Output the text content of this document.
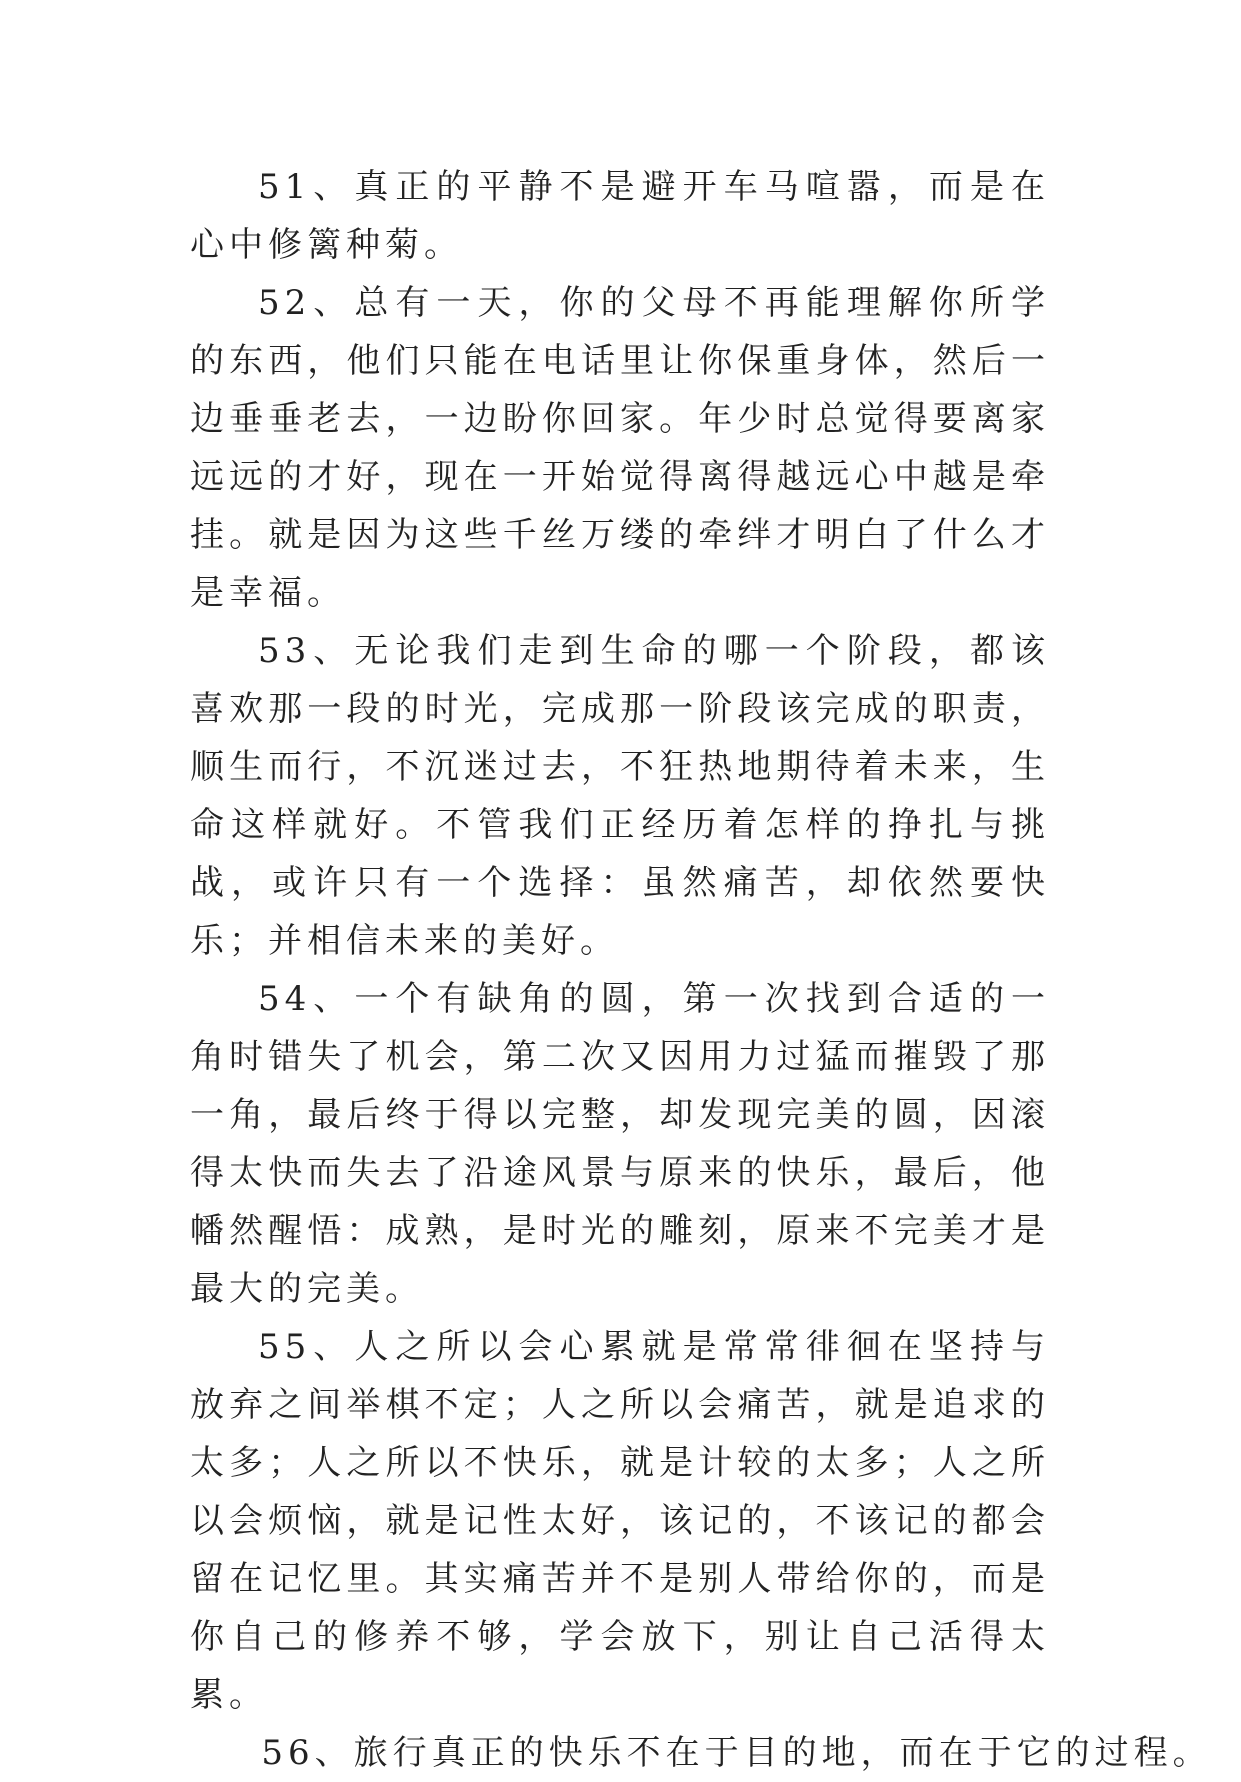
51、真正的平静不是避开车马喧嚣，而是在心中修篱种菊。

52、总有一天，你的父母不再能理解你所学的东西，他们只能在电话里让你保重身体，然后一边垂垂老去，一边盼你回家。年少时总觉得要离家远远的才好，现在一开始觉得离得越远心中越是牵挂。就是因为这些千丝万缕的牵绊才明白了什么才是幸福。

53、无论我们走到生命的哪一个阶段，都该喜欢那一段的时光，完成那一阶段该完成的职责，顺生而行，不沉迷过去，不狂热地期待着未来，生命这样就好。不管我们正经历着怎样的挣扎与挑战，或许只有一个选择：虽然痛苦，却依然要快乐；并相信未来的美好。

54、一个有缺角的圆，第一次找到合适的一角时错失了机会，第二次又因用力过猛而摧毁了那一角，最后终于得以完整，却发现完美的圆，因滚得太快而失去了沿途风景与原来的快乐，最后，他幡然醒悟：成熟，是时光的雕刻，原来不完美才是最大的完美。

55、人之所以会心累就是常常徘徊在坚持与放弃之间举棋不定；人之所以会痛苦，就是追求的太多；人之所以不快乐，就是计较的太多；人之所以会烦恼，就是记性太好，该记的，不该记的都会留在记忆里。其实痛苦并不是别人带给你的，而是你自己的修养不够，学会放下，别让自己活得太累。

56、旅行真正的快乐不在于目的地，而在于它的过程。
